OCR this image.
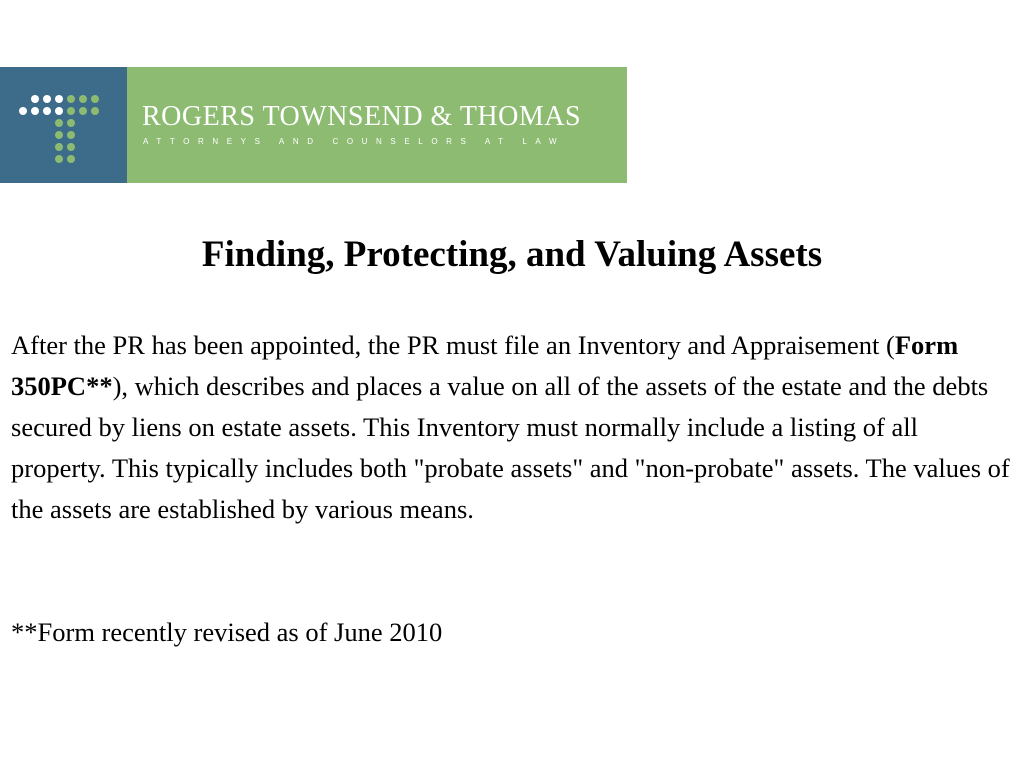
ROGERS TOWNSEND & THOMAS
ATTORNEYS AND COUNSELORS AT LAW
Finding, Protecting, and Valuing Assets

After the PR has been appointed, the PR must file an Inventory and Appraisement (Form 350PC**), which describes and places a value on all of the assets of the estate and the debts secured by liens on estate assets. This Inventory must normally include a listing of all property. This typically includes both "probate assets" and "non-probate" assets. The values of the assets are established by various means.

**Form recently revised as of June 2010
